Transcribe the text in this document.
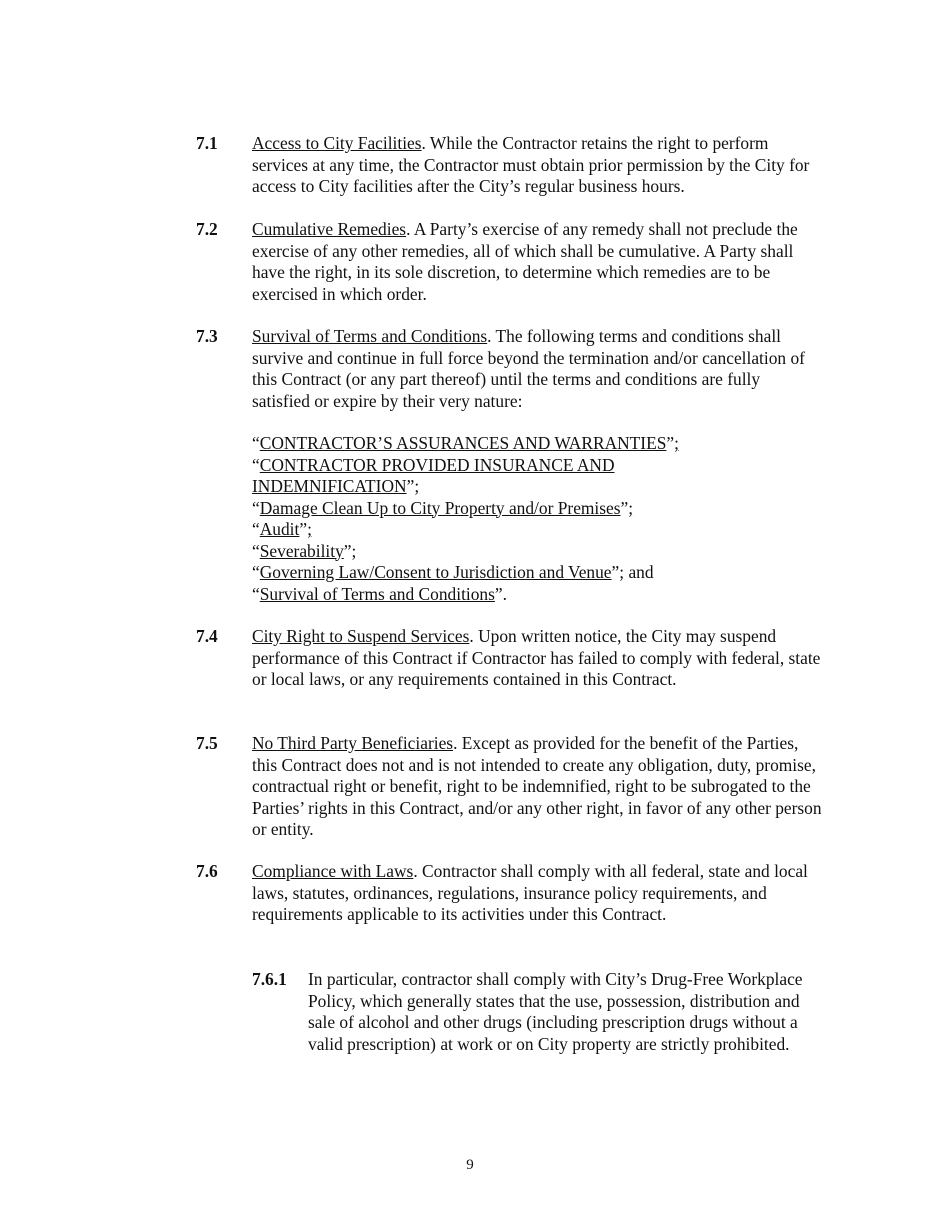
7.1 Access to City Facilities. While the Contractor retains the right to perform services at any time, the Contractor must obtain prior permission by the City for access to City facilities after the City’s regular business hours.
7.2 Cumulative Remedies. A Party’s exercise of any remedy shall not preclude the exercise of any other remedies, all of which shall be cumulative. A Party shall have the right, in its sole discretion, to determine which remedies are to be exercised in which order.
7.3 Survival of Terms and Conditions. The following terms and conditions shall survive and continue in full force beyond the termination and/or cancellation of this Contract (or any part thereof) until the terms and conditions are fully satisfied or expire by their very nature:
“CONTRACTOR’S ASSURANCES AND WARRANTIES”;
“CONTRACTOR PROVIDED INSURANCE AND
INDEMNIFICATION”;
“Damage Clean Up to City Property and/or Premises”;
“Audit”;
“Severability”;
“Governing Law/Consent to Jurisdiction and Venue”; and
“Survival of Terms and Conditions”.
7.4 City Right to Suspend Services. Upon written notice, the City may suspend performance of this Contract if Contractor has failed to comply with federal, state or local laws, or any requirements contained in this Contract.
7.5 No Third Party Beneficiaries. Except as provided for the benefit of the Parties, this Contract does not and is not intended to create any obligation, duty, promise, contractual right or benefit, right to be indemnified, right to be subrogated to the Parties’ rights in this Contract, and/or any other right, in favor of any other person or entity.
7.6 Compliance with Laws. Contractor shall comply with all federal, state and local laws, statutes, ordinances, regulations, insurance policy requirements, and requirements applicable to its activities under this Contract.
7.6.1 In particular, contractor shall comply with City’s Drug-Free Workplace Policy, which generally states that the use, possession, distribution and sale of alcohol and other drugs (including prescription drugs without a valid prescription) at work or on City property are strictly prohibited.
9
